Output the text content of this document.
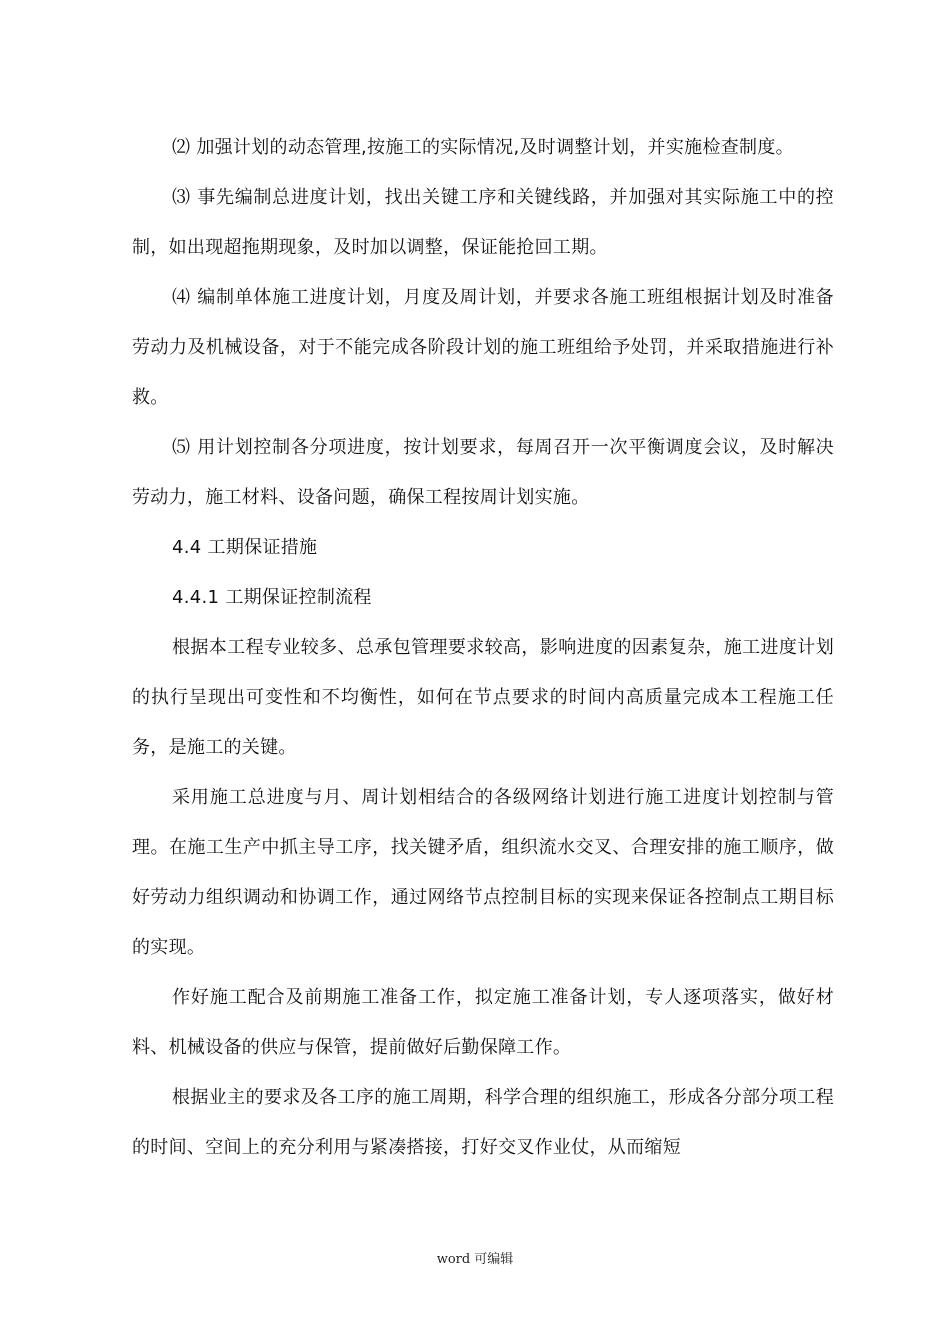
⑵ 加强计划的动态管理,按施工的实际情况,及时调整计划，并实施检查制度。

⑶ 事先编制总进度计划，找出关键工序和关键线路，并加强对其实际施工中的控制，如出现超拖期现象，及时加以调整，保证能抢回工期。

⑷ 编制单体施工进度计划，月度及周计划，并要求各施工班组根据计划及时准备劳动力及机械设备，对于不能完成各阶段计划的施工班组给予处罚，并采取措施进行补救。

⑸ 用计划控制各分项进度，按计划要求，每周召开一次平衡调度会议，及时解决劳动力，施工材料、设备问题，确保工程按周计划实施。

4.4 工期保证措施

4.4.1 工期保证控制流程

根据本工程专业较多、总承包管理要求较高，影响进度的因素复杂，施工进度计划的执行呈现出可变性和不均衡性，如何在节点要求的时间内高质量完成本工程施工任务，是施工的关键。

采用施工总进度与月、周计划相结合的各级网络计划进行施工进度计划控制与管理。在施工生产中抓主导工序，找关键矛盾，组织流水交叉、合理安排的施工顺序，做好劳动力组织调动和协调工作，通过网络节点控制目标的实现来保证各控制点工期目标的实现。

作好施工配合及前期施工准备工作，拟定施工准备计划，专人逐项落实，做好材料、机械设备的供应与保管，提前做好后勤保障工作。

根据业主的要求及各工序的施工周期，科学合理的组织施工，形成各分部分项工程的时间、空间上的充分利用与紧凑搭接，打好交叉作业仗，从而缩短

word 可编辑
